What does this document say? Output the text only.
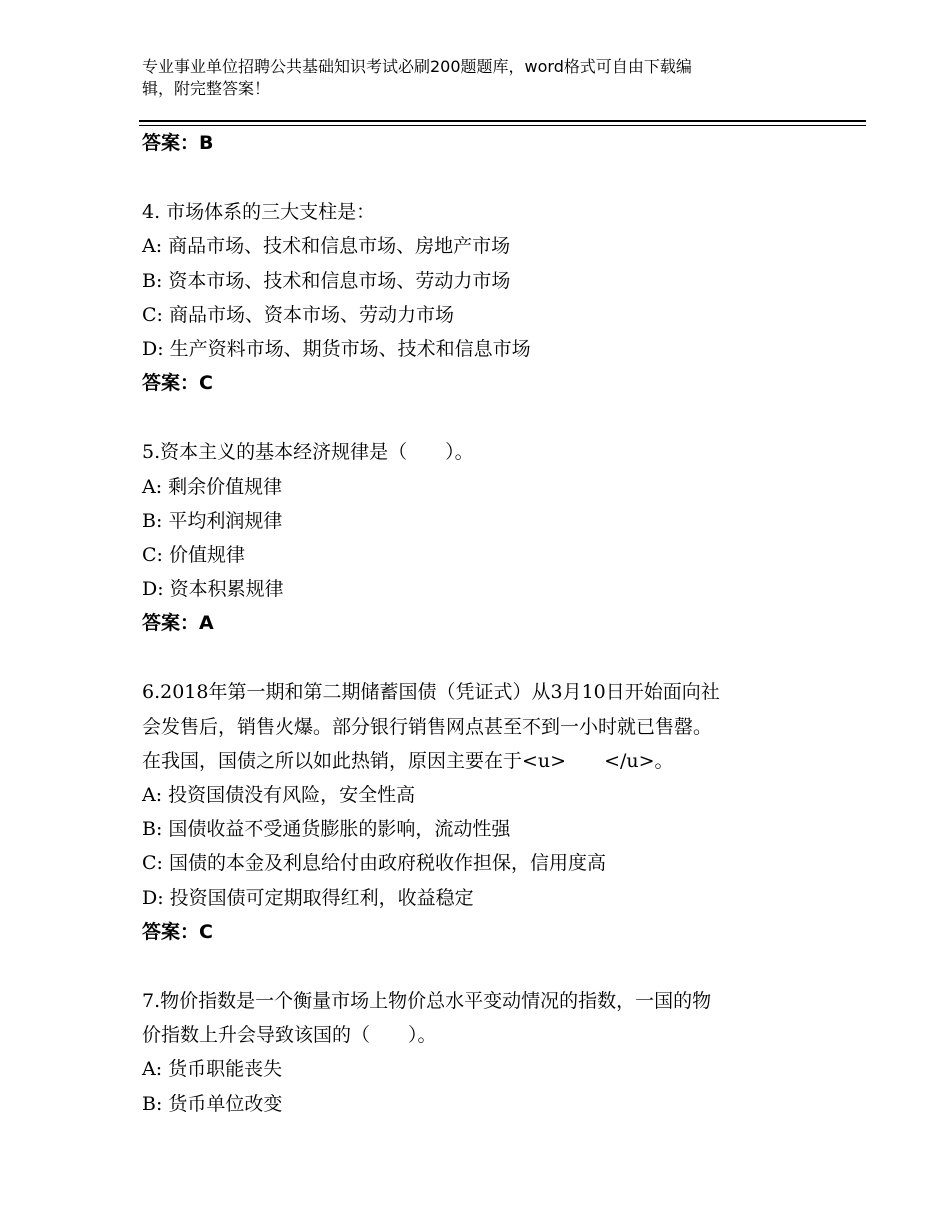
专业事业单位招聘公共基础知识考试必刷200题题库，word格式可自由下载编
辑，附完整答案！
答案：B
4. 市场体系的三大支柱是：
A: 商品市场、技术和信息市场、房地产市场
B: 资本市场、技术和信息市场、劳动力市场
C: 商品市场、资本市场、劳动力市场
D: 生产资料市场、期货市场、技术和信息市场
答案：C
5.资本主义的基本经济规律是（　　）。
A: 剩余价值规律
B: 平均利润规律
C: 价值规律
D: 资本积累规律
答案：A
6.2018年第一期和第二期储蓄国债（凭证式）从3月10日开始面向社
会发售后，销售火爆。部分银行销售网点甚至不到一小时就已售罄。
在我国，国债之所以如此热销，原因主要在于<u>　　</u>。
A: 投资国债没有风险，安全性高
B: 国债收益不受通货膨胀的影响，流动性强
C: 国债的本金及利息给付由政府税收作担保，信用度高
D: 投资国债可定期取得红利，收益稳定
答案：C
7.物价指数是一个衡量市场上物价总水平变动情况的指数，一国的物
价指数上升会导致该国的（　　）。
A: 货币职能丧失
B: 货币单位改变
